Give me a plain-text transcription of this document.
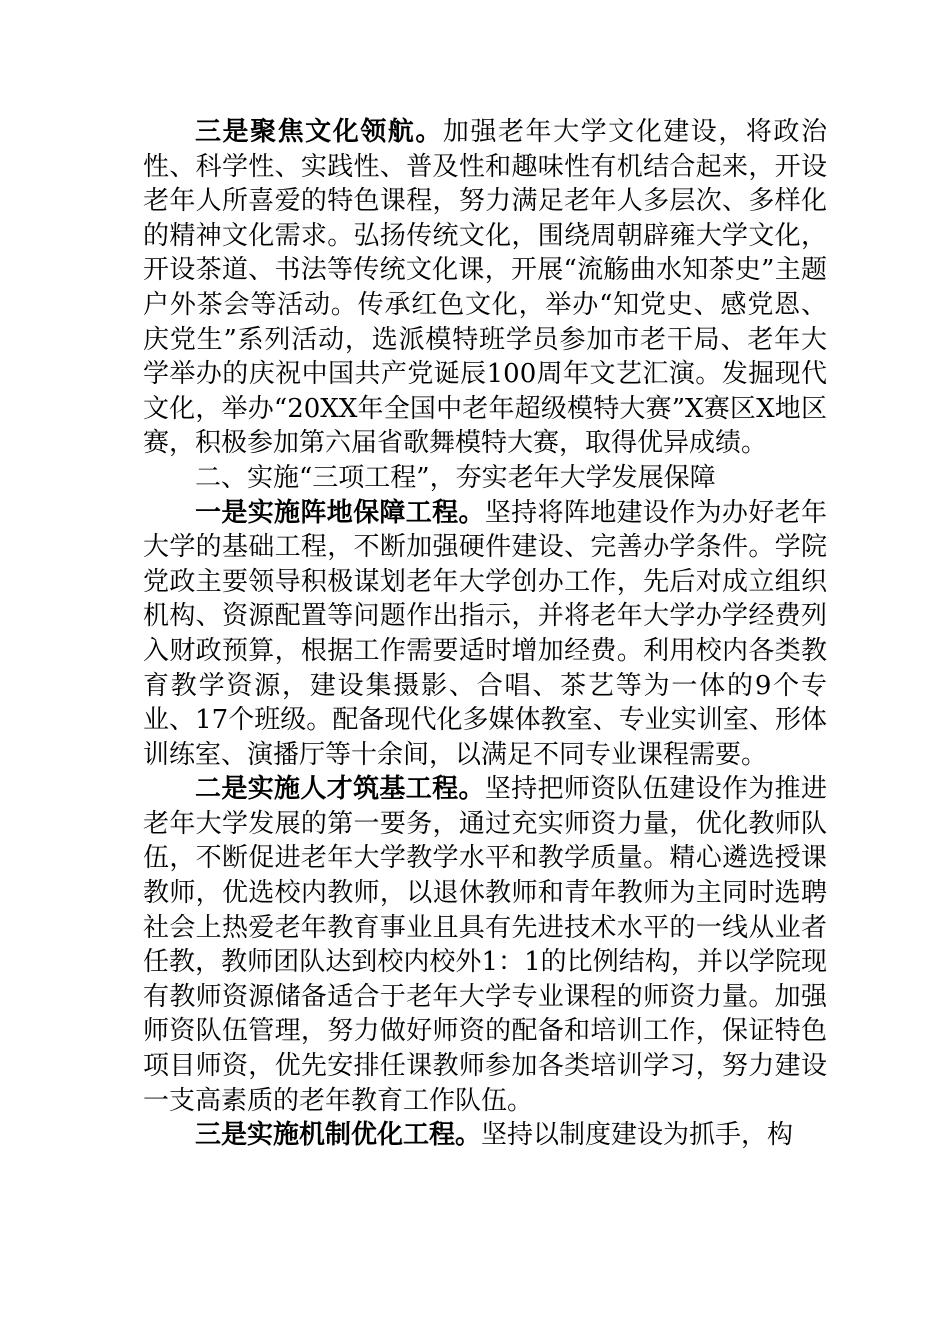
三是聚焦文化领航。加强老年大学文化建设，将政治性、科学性、实践性、普及性和趣味性有机结合起来，开设老年人所喜爱的特色课程，努力满足老年人多层次、多样化的精神文化需求。弘扬传统文化，围绕周朝辟雍大学文化，开设茶道、书法等传统文化课，开展“流觞曲水知茶史”主题户外茶会等活动。传承红色文化，举办“知党史、感党恩、庆党生”系列活动，选派模特班学员参加市老干局、老年大学举办的庆祝中国共产党诞辰100周年文艺汇演。发掘现代文化，举办“20XX年全国中老年超级模特大赛”X赛区X地区赛，积极参加第六届省歌舞模特大赛，取得优异成绩。

二、实施“三项工程”，夯实老年大学发展保障

一是实施阵地保障工程。坚持将阵地建设作为办好老年大学的基础工程，不断加强硬件建设、完善办学条件。学院党政主要领导积极谋划老年大学创办工作，先后对成立组织机构、资源配置等问题作出指示，并将老年大学办学经费列入财政预算，根据工作需要适时增加经费。利用校内各类教育教学资源，建设集摄影、合唱、茶艺等为一体的9个专业、17个班级。配备现代化多媒体教室、专业实训室、形体训练室、演播厅等十余间，以满足不同专业课程需要。

二是实施人才筑基工程。坚持把师资队伍建设作为推进老年大学发展的第一要务，通过充实师资力量，优化教师队伍，不断促进老年大学教学水平和教学质量。精心遴选授课教师，优选校内教师，以退休教师和青年教师为主同时选聘社会上热爱老年教育事业且具有先进技术水平的一线从业者任教，教师团队达到校内校外1：1的比例结构，并以学院现有教师资源储备适合于老年大学专业课程的师资力量。加强师资队伍管理，努力做好师资的配备和培训工作，保证特色项目师资，优先安排任课教师参加各类培训学习，努力建设一支高素质的老年教育工作队伍。

三是实施机制优化工程。坚持以制度建设为抓手，构
